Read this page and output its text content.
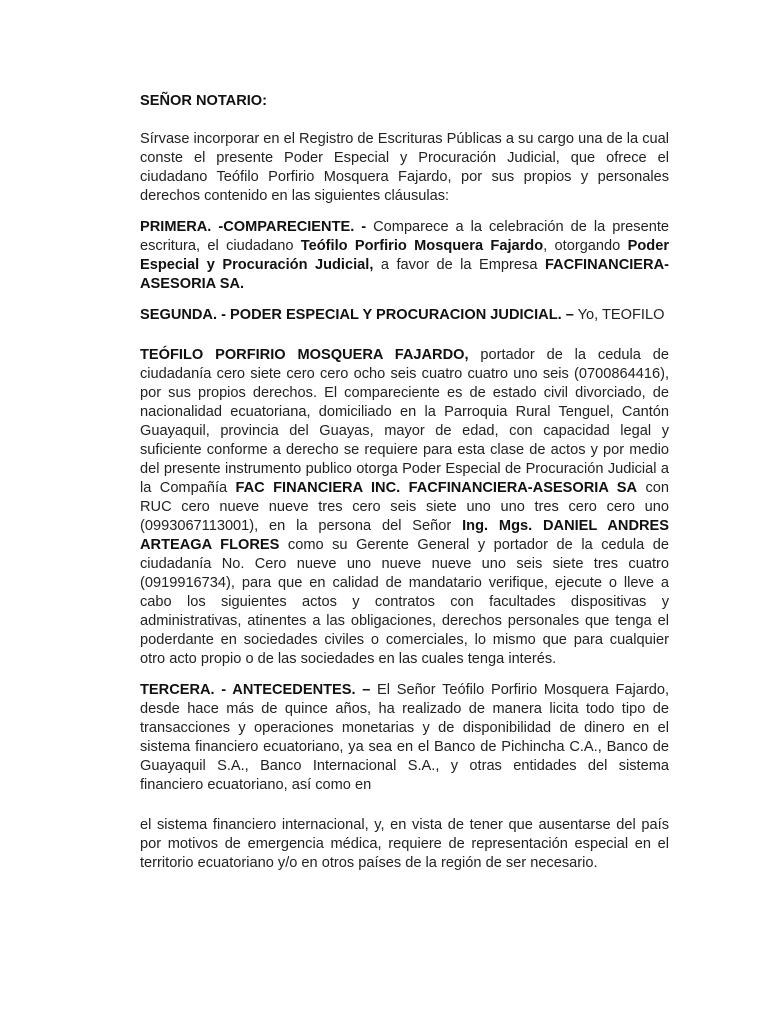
SEÑOR NOTARIO:
Sírvase incorporar en el Registro de Escrituras Públicas a su cargo una de la cual conste el presente Poder Especial y Procuración Judicial, que ofrece el ciudadano Teófilo Porfirio Mosquera Fajardo, por sus propios y personales derechos contenido en las siguientes cláusulas:
PRIMERA. -COMPARECIENTE. - Comparece a la celebración de la presente escritura, el ciudadano Teófilo Porfirio Mosquera Fajardo, otorgando Poder Especial y Procuración Judicial, a favor de la Empresa FACFINANCIERA-ASESORIA SA.
SEGUNDA. - PODER ESPECIAL Y PROCURACION JUDICIAL. – Yo, TEOFILO
TEÓFILO PORFIRIO MOSQUERA FAJARDO, portador de la cedula de ciudadanía cero siete cero cero ocho seis cuatro cuatro uno seis (0700864416), por sus propios derechos. El compareciente es de estado civil divorciado, de nacionalidad ecuatoriana, domiciliado en la Parroquia Rural Tenguel, Cantón Guayaquil, provincia del Guayas, mayor de edad, con capacidad legal y suficiente conforme a derecho se requiere para esta clase de actos y por medio del presente instrumento publico otorga Poder Especial de Procuración Judicial a la Compañía FAC FINANCIERA INC. FACFINANCIERA-ASESORIA SA con RUC cero nueve nueve tres cero seis siete uno uno tres cero cero uno (0993067113001), en la persona del Señor Ing. Mgs. DANIEL ANDRES ARTEAGA FLORES como su Gerente General y portador de la cedula de ciudadanía No. Cero nueve uno nueve nueve uno seis siete tres cuatro (0919916734), para que en calidad de mandatario verifique, ejecute o lleve a cabo los siguientes actos y contratos con facultades dispositivas y administrativas, atinentes a las obligaciones, derechos personales que tenga el poderdante en sociedades civiles o comerciales, lo mismo que para cualquier otro acto propio o de las sociedades en las cuales tenga interés.
TERCERA. - ANTECEDENTES. – El Señor Teófilo Porfirio Mosquera Fajardo, desde hace más de quince años, ha realizado de manera licita todo tipo de transacciones y operaciones monetarias y de disponibilidad de dinero en el sistema financiero ecuatoriano, ya sea en el Banco de Pichincha C.A., Banco de Guayaquil S.A., Banco Internacional S.A., y otras entidades del sistema financiero ecuatoriano, así como en
el sistema financiero internacional, y, en vista de tener que ausentarse del país por motivos de emergencia médica, requiere de representación especial en el territorio ecuatoriano y/o en otros países de la región de ser necesario.
